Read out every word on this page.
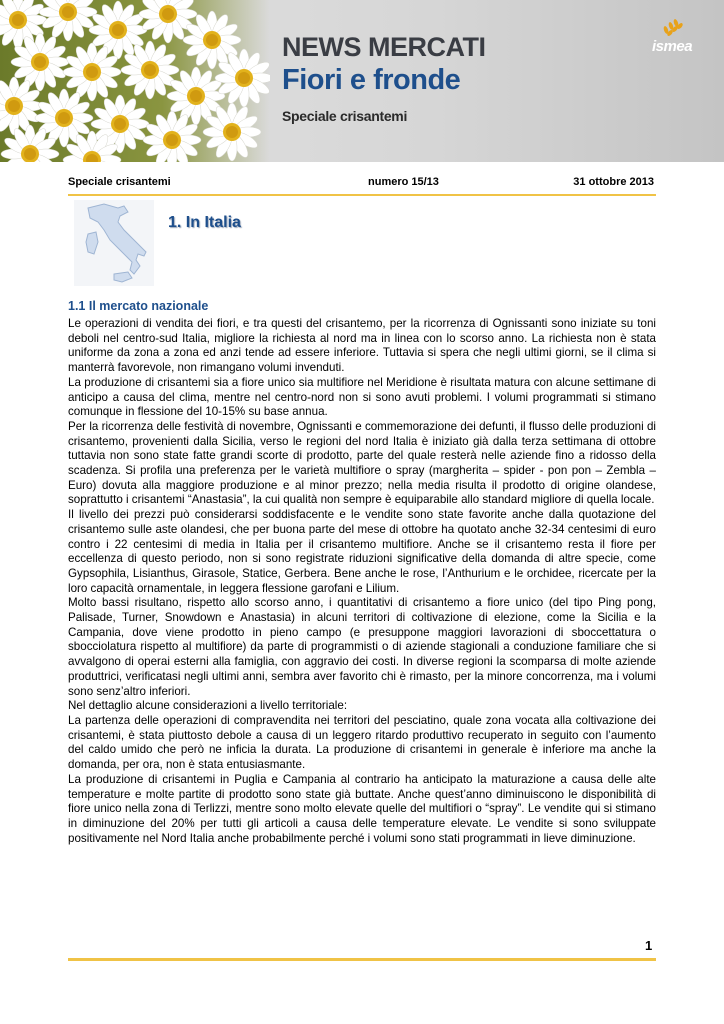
NEWS MERCATI
Fiori e fronde
Speciale crisantemi
ismea
Speciale crisantemi	numero 15/13	31 ottobre 2013
1. In Italia
1.1 Il mercato nazionale

Le operazioni di vendita dei fiori, e tra questi del crisantemo, per la ricorrenza di Ognissanti sono iniziate su toni deboli nel centro-sud Italia, migliore la richiesta al nord ma in linea con lo scorso anno. La richiesta non è stata uniforme da zona a zona ed anzi tende ad essere inferiore. Tuttavia si spera che negli ultimi giorni, se il clima si manterrà favorevole, non rimangano volumi invenduti.

La produzione di crisantemi sia a fiore unico sia multifiore nel Meridione è risultata matura con alcune settimane di anticipo a causa del clima, mentre nel centro-nord non si sono avuti problemi. I volumi programmati si stimano comunque in flessione del 10-15% su base annua.

Per la ricorrenza delle festività di novembre, Ognissanti e commemorazione dei defunti, il flusso delle produzioni di crisantemo, provenienti dalla Sicilia, verso le regioni del nord Italia è iniziato già dalla terza settimana di ottobre tuttavia non sono state fatte grandi scorte di prodotto, parte del quale resterà nelle aziende fino a ridosso della scadenza. Si profila una preferenza per le varietà multifiore o spray (margherita – spider - pon pon – Zembla – Euro) dovuta alla maggiore produzione e al minor prezzo; nella media risulta il prodotto di origine olandese, soprattutto i crisantemi “Anastasia”, la cui qualità non sempre è equiparabile allo standard migliore di quella locale.

Il livello dei prezzi può considerarsi soddisfacente e le vendite sono state favorite anche dalla quotazione del crisantemo sulle aste olandesi, che per buona parte del mese di ottobre ha quotato anche 32-34 centesimi di euro contro i 22 centesimi di media in Italia per il crisantemo multifiore. Anche se il crisantemo resta il fiore per eccellenza di questo periodo, non si sono registrate riduzioni significative della domanda di altre specie, come Gypsophila, Lisianthus, Girasole, Statice, Gerbera. Bene anche le rose, l’Anthurium e le orchidee, ricercate per la loro capacità ornamentale, in leggera flessione garofani e Lilium.

Molto bassi risultano, rispetto allo scorso anno, i quantitativi di crisantemo a fiore unico (del tipo Ping pong, Palisade, Turner, Snowdown e Anastasia) in alcuni territori di coltivazione di elezione, come la Sicilia e la Campania, dove viene prodotto in pieno campo (e presuppone maggiori lavorazioni di sboccettatura o sbocciolatura rispetto al multifiore) da parte di programmisti o di aziende stagionali a conduzione familiare che si avvalgono di operai esterni alla famiglia, con aggravio dei costi. In diverse regioni la scomparsa di molte aziende produttrici, verificatasi negli ultimi anni, sembra aver favorito chi è rimasto, per la minore concorrenza, ma i volumi sono senz’altro inferiori.

Nel dettaglio alcune considerazioni a livello territoriale:

La partenza delle operazioni di compravendita nei territori del pesciatino, quale zona vocata alla coltivazione dei crisantemi, è stata piuttosto debole a causa di un leggero ritardo produttivo recuperato in seguito con l’aumento del caldo umido che però ne inficia la durata. La produzione di crisantemi in generale è inferiore ma anche la domanda, per ora, non è stata entusiasmante.

La produzione di crisantemi in Puglia e Campania al contrario ha anticipato la maturazione a causa delle alte temperature e molte partite di prodotto sono state già buttate. Anche quest’anno diminuiscono le disponibilità di fiore unico nella zona di Terlizzi, mentre sono molto elevate quelle del multifiori o “spray”. Le vendite qui si stimano in diminuzione del 20% per tutti gli articoli a causa delle temperature elevate. Le vendite si sono sviluppate positivamente nel Nord Italia anche probabilmente perché i volumi sono stati programmati in lieve diminuzione.

1
